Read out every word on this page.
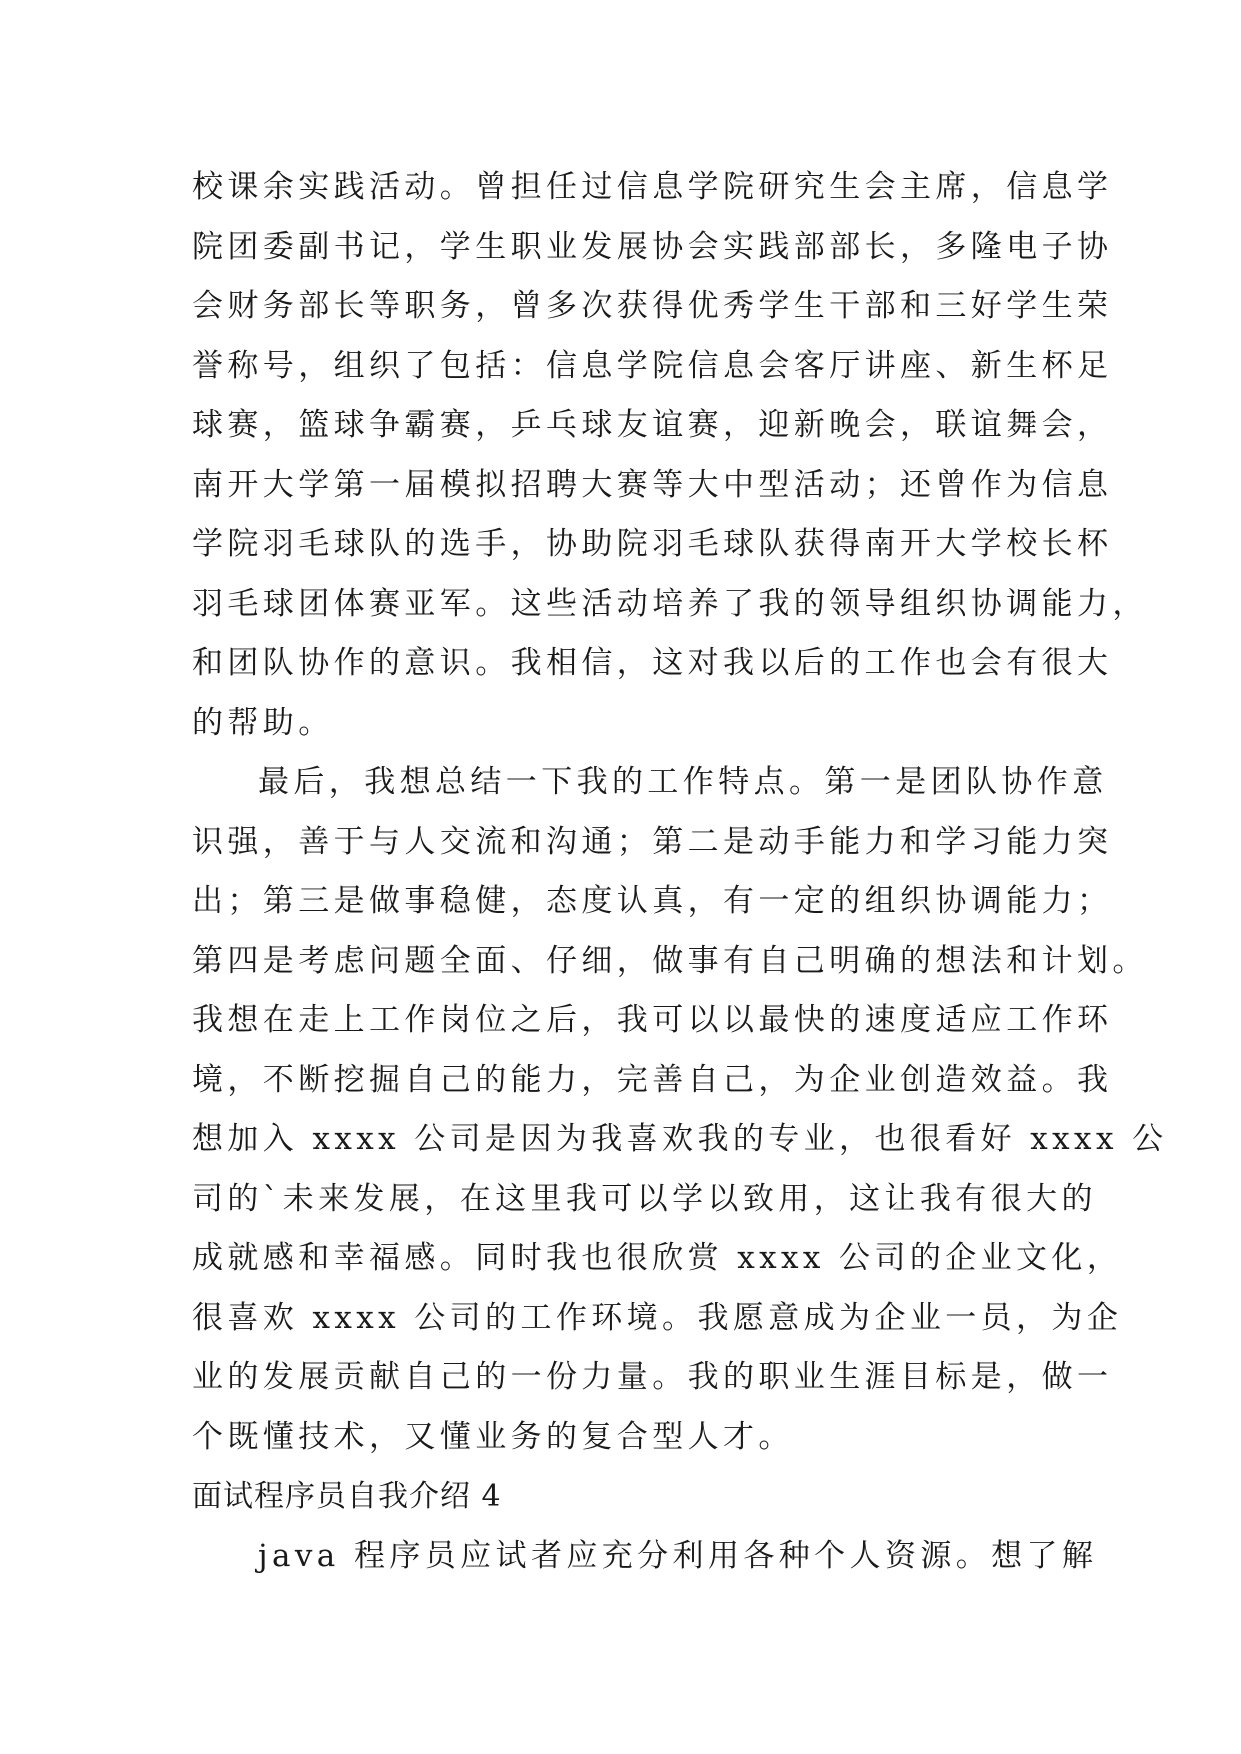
校课余实践活动。曾担任过信息学院研究生会主席，信息学
院团委副书记，学生职业发展协会实践部部长，多隆电子协
会财务部长等职务，曾多次获得优秀学生干部和三好学生荣
誉称号，组织了包括：信息学院信息会客厅讲座、新生杯足
球赛，篮球争霸赛，乒乓球友谊赛，迎新晚会，联谊舞会，
南开大学第一届模拟招聘大赛等大中型活动；还曾作为信息
学院羽毛球队的选手，协助院羽毛球队获得南开大学校长杯
羽毛球团体赛亚军。这些活动培养了我的领导组织协调能力，
和团队协作的意识。我相信，这对我以后的工作也会有很大
的帮助。
最后，我想总结一下我的工作特点。第一是团队协作意
识强，善于与人交流和沟通；第二是动手能力和学习能力突
出；第三是做事稳健，态度认真，有一定的组织协调能力；
第四是考虑问题全面、仔细，做事有自己明确的想法和计划。
我想在走上工作岗位之后，我可以以最快的速度适应工作环
境，不断挖掘自己的能力，完善自己，为企业创造效益。我
想加入 xxxx 公司是因为我喜欢我的专业，也很看好 xxxx 公
司的`未来发展，在这里我可以学以致用，这让我有很大的
成就感和幸福感。同时我也很欣赏 xxxx 公司的企业文化，
很喜欢 xxxx 公司的工作环境。我愿意成为企业一员，为企
业的发展贡献自己的一份力量。我的职业生涯目标是，做一
个既懂技术，又懂业务的复合型人才。
面试程序员自我介绍 4
java 程序员应试者应充分利用各种个人资源。想了解
